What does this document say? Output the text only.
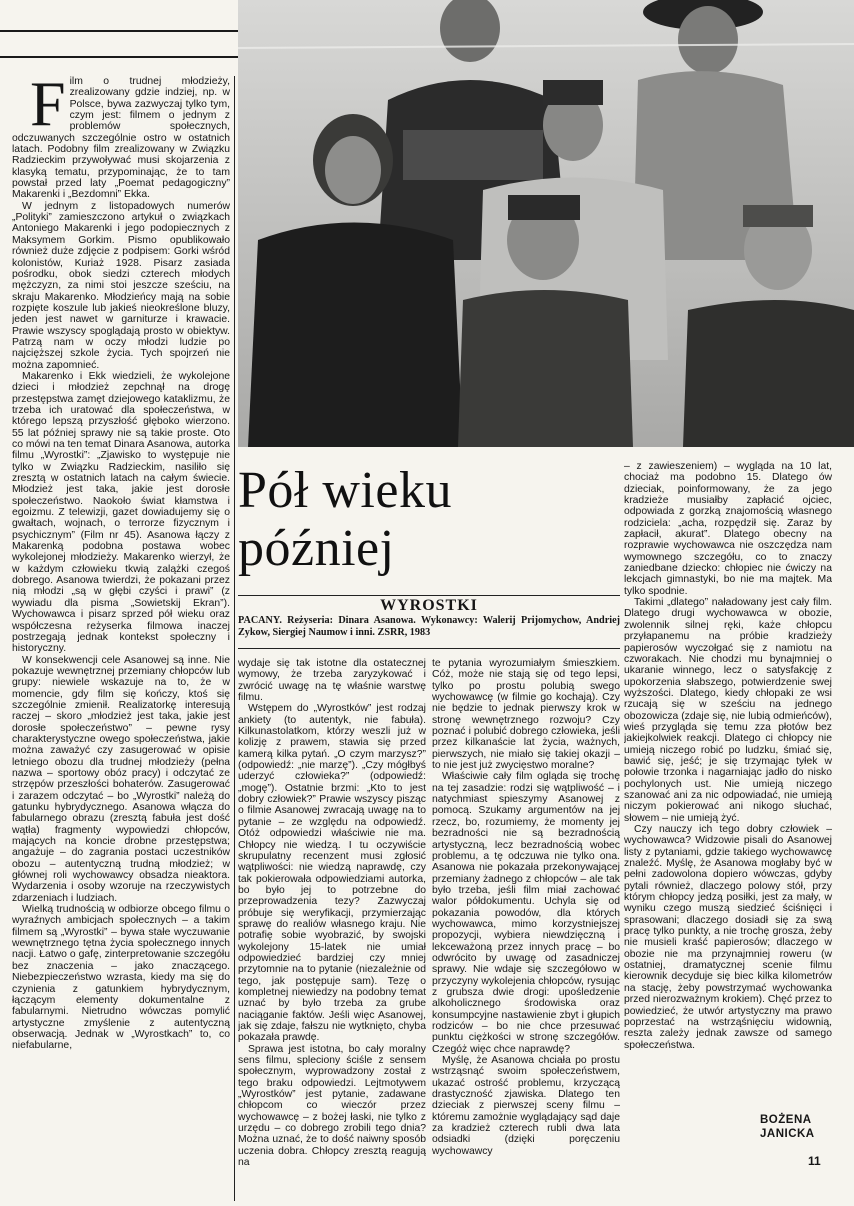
F ilm o trudnej młodzieży, zrealizowany gdzie indziej, np. w Polsce, bywa zazwyczaj tylko tym, czym jest: filmem o jednym z problemów społecznych, odczuwanych szczególnie ostro w ostatnich latach. Podobny film zrealizowany w Związku Radzieckim przywoływać musi skojarzenia z klasyką tematu, przypominając, że to tam powstał przed laty „Poemat pedagogiczny” Makarenki i „Bezdomni” Ekka.

W jednym z listopadowych numerów „Polityki” zamieszczono artykuł o związkach Antoniego Makarenki i jego podopiecznych z Maksymem Gorkim. Pismo opublikowało również duże zdjęcie z podpisem: Gorki wśród kolonistów, Kuriaż 1928. Pisarz zasiada pośrodku, obok siedzi czterech młodych mężczyzn, za nimi stoi jeszcze sześciu, na skraju Makarenko. Młodzieńcy mają na sobie rozpięte koszule lub jakieś nieokreślone bluzy, jeden jest nawet w garniturze i krawacie. Prawie wszyscy spoglądają prosto w obiektyw. Patrzą nam w oczy młodzi ludzie po najcięższej szkole życia. Tych spojrzeń nie można zapomnieć.

Makarenko i Ekk wiedzieli, że wykolejone dzieci i młodzież zepchnął na drogę przestępstwa zamęt dziejowego kataklizmu, że trzeba ich uratować dla społeczeństwa, w którego lepszą przyszłość głęboko wierzono. 55 lat później sprawy nie są takie proste. Oto co mówi na ten temat Dinara Asanowa, autorka filmu „Wyrostki”: „Zjawisko to występuje nie tylko w Związku Radzieckim, nasiliło się zresztą w ostatnich latach na całym świecie. Młodzież jest taka, jakie jest dorosłe społeczeństwo. Naokoło świat kłamstwa i egoizmu. Z telewizji, gazet dowiadujemy się o gwałtach, wojnach, o terrorze fizycznym i psychicznym” (Film nr 45). Asanowa łączy z Makarenką podobna postawa wobec wykolejonej młodzieży. Makarenko wierzył, że w każdym człowieku tkwią zalążki czegoś dobrego. Asanowa twierdzi, że pokazani przez nią młodzi „są w głębi czyści i prawi” (z wywiadu dla pisma „Sowietskij Ekran”). Wychowawca i pisarz sprzed pół wieku oraz współczesna reżyserka filmowa inaczej postrzegają jednak kontekst społeczny i historyczny.

W konsekwencji cele Asanowej są inne. Nie pokazuje wewnętrznej przemiany chłopców lub grupy: niewiele wskazuje na to, że w momencie, gdy film się kończy, ktoś się szczególnie zmienił. Realizatorkę interesują raczej – skoro „młodzież jest taka, jakie jest dorosłe społeczeństwo” – pewne rysy charakterystyczne owego społeczeństwa, jakie można zaważyć czy zasugerować w opisie letniego obozu dla trudnej młodzieży (pełna nazwa – sportowy obóz pracy) i odczytać ze strzępów przeszłości bohaterów. Zasugerować i zarazem odczytać – bo „Wyrostki” należą do gatunku hybrydycznego. Asanowa włącza do fabularnego obrazu (zresztą fabuła jest dość wątła) fragmenty wypowiedzi chłopców, mających na koncie drobne przestępstwa; angażuje – do zagrania postaci uczestników obozu – autentyczną trudną młodzież; w głównej roli wychowawcy obsadza nieaktora. Wydarzenia i osoby wzoruje na rzeczywistych zdarzeniach i ludziach.

Wielką trudnością w odbiorze obcego filmu o wyraźnych ambicjach społecznych – a takim filmem są „Wyrostki” – bywa stałe wyczuwanie wewnętrznego tętna życia społecznego innych nacji. Łatwo o gafę, zinterpretowanie szczegółu bez znaczenia – jako znaczącego. Niebezpieczeństwo wzrasta, kiedy ma się do czynienia z gatunkiem hybrydycznym, łączącym elementy dokumentalne z fabularnymi. Nietrudno wówczas pomylić artystyczne zmyślenie z autentyczną obserwacją. Jednak w „Wyrostkach” to, co niefabularne,

Pół wieku
później
WYROSTKI
PACANY. Reżyseria: Dinara Asanowa. Wykonawcy: Walerij Prijomychow, Andriej Zykow, Siergiej Naumow i inni. ZSRR, 1983

wydaje się tak istotne dla ostatecznej wymowy, że trzeba zaryzykować i zwrócić uwagę na tę właśnie warstwę filmu.

Wstępem do „Wyrostków” jest rodzaj ankiety (to autentyk, nie fabuła). Kilkunastolatkom, którzy weszli już w kolizję z prawem, stawia się przed kamerą kilka pytań. „O czym marzysz?” (odpowiedź: „nie marzę”). „Czy mógłbyś uderzyć człowieka?” (odpowiedź: „mogę”). Ostatnie brzmi: „Kto to jest dobry człowiek?” Prawie wszyscy pisząc o filmie Asanowej zwracają uwagę na to pytanie – ze względu na odpowiedź. Otóż odpowiedzi właściwie nie ma. Chłopcy nie wiedzą. I tu oczywiście skrupulatny recenzent musi zgłosić wątpliwości: nie wiedzą naprawdę, czy tak pokierowała odpowiedziami autorka, bo było jej to potrzebne do przeprowadzenia tezy? Zazwyczaj próbuje się weryfikacji, przymierzając sprawę do realiów własnego kraju. Nie potrafię sobie wyobrazić, by swojski wykolejony 15-latek nie umiał odpowiedzieć bardziej czy mniej przytomnie na to pytanie (niezależnie od tego, jak postępuje sam). Tezę o kompletnej niewiedzy na podobny temat uznać by było trzeba za grube naciąganie faktów. Jeśli więc Asanowej, jak się zdaje, fałszu nie wytknięto, chyba pokazała prawdę.

Sprawa jest istotna, bo cały moralny sens filmu, spleciony ściśle z sensem społecznym, wyprowadzony został z tego braku odpowiedzi. Lejtmotywem „Wyrostków” jest pytanie, zadawane chłopcom co wieczór przez wychowawcę – z bożej łaski, nie tylko z urzędu – co dobrego zrobili tego dnia? Można uznać, że to dość naiwny sposób uczenia dobra. Chłopcy zresztą reagują na

te pytania wyrozumiałym śmieszkiem. Cóż, może nie stają się od tego lepsi, tylko po prostu polubią swego wychowawcę (w filmie go kochają). Czy nie będzie to jednak pierwszy krok w stronę wewnętrznego rozwoju? Czy poznać i polubić dobrego człowieka, jeśli przez kilkanaście lat życia, ważnych, pierwszych, nie miało się takiej okazji – to nie jest już zwycięstwo moralne?

Właściwie cały film ogląda się trochę na tej zasadzie: rodzi się wątpliwość – i natychmiast spieszymy Asanowej z pomocą. Szukamy argumentów na jej rzecz, bo, rozumiemy, że momenty jej bezradności nie są bezradnością artystyczną, lecz bezradnością wobec problemu, a tę odczuwa nie tylko ona. Asanowa nie pokazała przekonywającej przemiany żadnego z chłopców – ale tak było trzeba, jeśli film miał zachować walor półdokumentu. Uchyla się od pokazania powodów, dla których wychowawca, mimo korzystniejszej propozycji, wybiera niewdzięczną i lekceważoną przez innych pracę – bo odwrócito by uwagę od zasadniczej sprawy. Nie wdaje się szczegółowo w przyczyny wykolejenia chłopców, rysując z grubsza dwie drogi: upośledzenie alkoholicznego środowiska oraz konsumpcyjne nastawienie zbyt i głupich rodziców – bo nie chce przesuwać punktu ciężkości w stronę szczegółów. Czegóż więc chce naprawdę?

Myślę, że Asanowa chciała po prostu wstrząsnąć swoim społeczeństwem, ukazać ostrość problemu, krzyczącą drastyczność zjawiska. Dlatego ten dzieciak z pierwszej sceny filmu – któremu zamożnie wyglądający sąd daje za kradzież czterech rubli dwa lata odsiadki (dzięki poręczeniu wychowawcy

– z zawieszeniem) – wygląda na 10 lat, chociaż ma podobno 15. Dlatego ów dzieciak, poinformowany, że za jego kradzieże musiałby zapłacić ojciec, odpowiada z gorzką znajomością własnego rodziciela: „acha, rozpędził się. Zaraz by zapłacił, akurat”. Dlatego obecny na rozprawie wychowawca nie oszczędza nam wymownego szczegółu, co to znaczy zaniedbane dziecko: chłopiec nie ćwiczy na lekcjach gimnastyki, bo nie ma majtek. Ma tylko spodnie.

Takimi „dlatego” naładowany jest cały film. Dlatego drugi wychowawca w obozie, zwolennik silnej ręki, każe chłopcu przyłapanemu na próbie kradzieży papierosów wyczołgać się z namiotu na czworakach. Nie chodzi mu bynajmniej o ukaranie winnego, lecz o satysfakcję z upokorzenia słabszego, potwierdzenie swej wyższości. Dlatego, kiedy chłopaki ze wsi rzucają się w sześciu na jednego obozowicza (zdaje się, nie lubią odmieńców), wieś przygląda się temu zza płotów bez jakiejkolwiek reakcji. Dlatego ci chłopcy nie umieją niczego robić po ludzku, śmiać się, bawić się, jeść; je się trzymając tyłek w połowie trzonka i nagarniając jadło do nisko pochylonych ust. Nie umieją niczego szanować ani za nic odpowiadać, nie umieją niczym pokierować ani nikogo słuchać, słowem – nie umieją żyć.

Czy nauczy ich tego dobry człowiek – wychowawca? Widzowie pisali do Asanowej listy z pytaniami, gdzie takiego wychowawcę znaleźć. Myślę, że Asanowa mogłaby być w pełni zadowolona dopiero wówczas, gdyby pytali również, dlaczego polowy stół, przy którym chłopcy jedzą posiłki, jest za mały, w wyniku czego muszą siedzieć ściśnięci i sprasowani; dlaczego dosiadł się za swą pracę tylko punkty, a nie trochę grosza, żeby nie musieli kraść papierosów; dlaczego w obozie nie ma przynajmniej roweru (w ostatniej, dramatycznej scenie filmu kierownik decyduje się biec kilka kilometrów na stację, żeby powstrzymać wychowanka przed nierozważnym krokiem). Chęć przez to powiedzieć, że utwór artystyczny ma prawo poprzestać na wstrząśnięciu widownią, reszta zależy jednak zawsze od samego społeczeństwa.

BOŻENA
JANICKA
11
